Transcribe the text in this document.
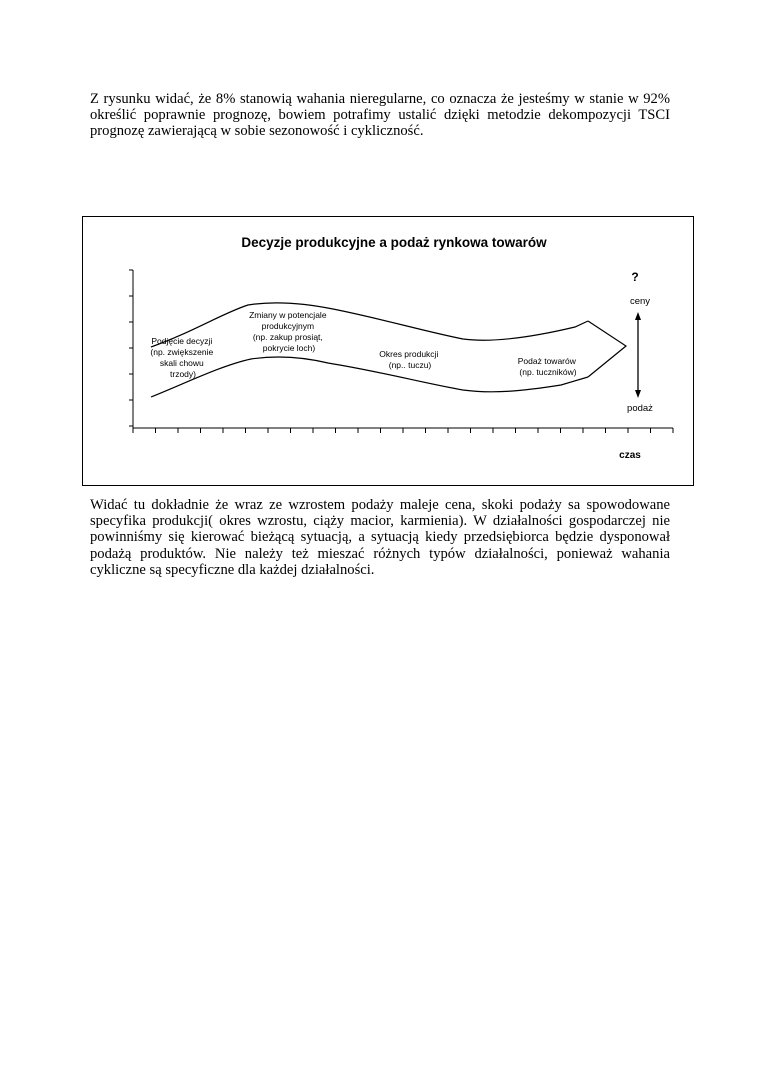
Z rysunku widać, że 8% stanowią wahania nieregularne, co oznacza że jesteśmy w stanie w 92% określić poprawnie prognozę, bowiem potrafimy ustalić dzięki metodzie dekompozycji TSCI prognozę zawierającą w sobie sezonowość i cykliczność.

Decyzje produkcyjne a podaż rynkowa towarów
Podjęcie decyzji (np. zwiększenie skali chowu trzody)
Zmiany w potencjale produkcyjnym (np. zakup prosiąt, pokrycie loch)
Okres produkcji (np.. tuczu)	Podaż towarów (np. tuczników)
?
ceny
podaż
czas

Widać tu dokładnie że wraz ze wzrostem podaży maleje cena, skoki podaży sa spowodowane specyfika produkcji( okres wzrostu, ciąży macior, karmienia). W działalności gospodarczej nie powinniśmy się kierować bieżącą sytuacją, a sytuacją kiedy przedsiębiorca będzie dysponował podażą produktów. Nie należy też mieszać różnych typów działalności, ponieważ wahania cykliczne są specyficzne dla każdej działalności.
